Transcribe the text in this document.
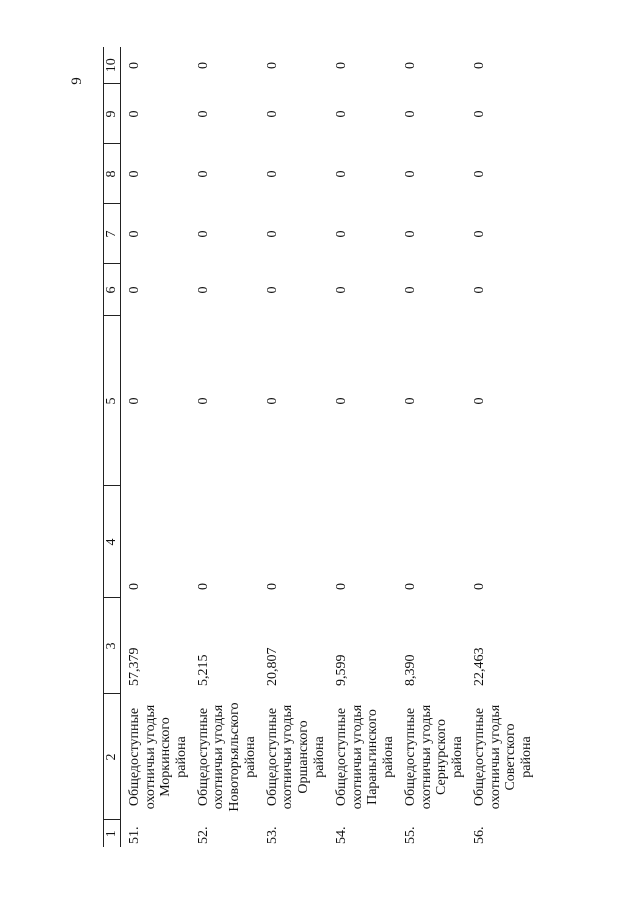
9
1	2	3	4	5	6	7	8	9	10
51.	Общедоступные охотничьи угодья Моркинского района	57,379	0	0	0	0	0	0	0
52.	Общедоступные охотничьи угодья Новоторъяльского района	5,215	0	0	0	0	0	0	0
53.	Общедоступные охотничьи угодья Оршанского района	20,807	0	0	0	0	0	0	0
54.	Общедоступные охотничьи угодья Параньгинского района	9,599	0	0	0	0	0	0	0
55.	Общедоступные охотничьи угодья Сернурского района	8,390	0	0	0	0	0	0	0
56.	Общедоступные охотничьи угодья Советского района	22,463	0	0	0	0	0	0	0
